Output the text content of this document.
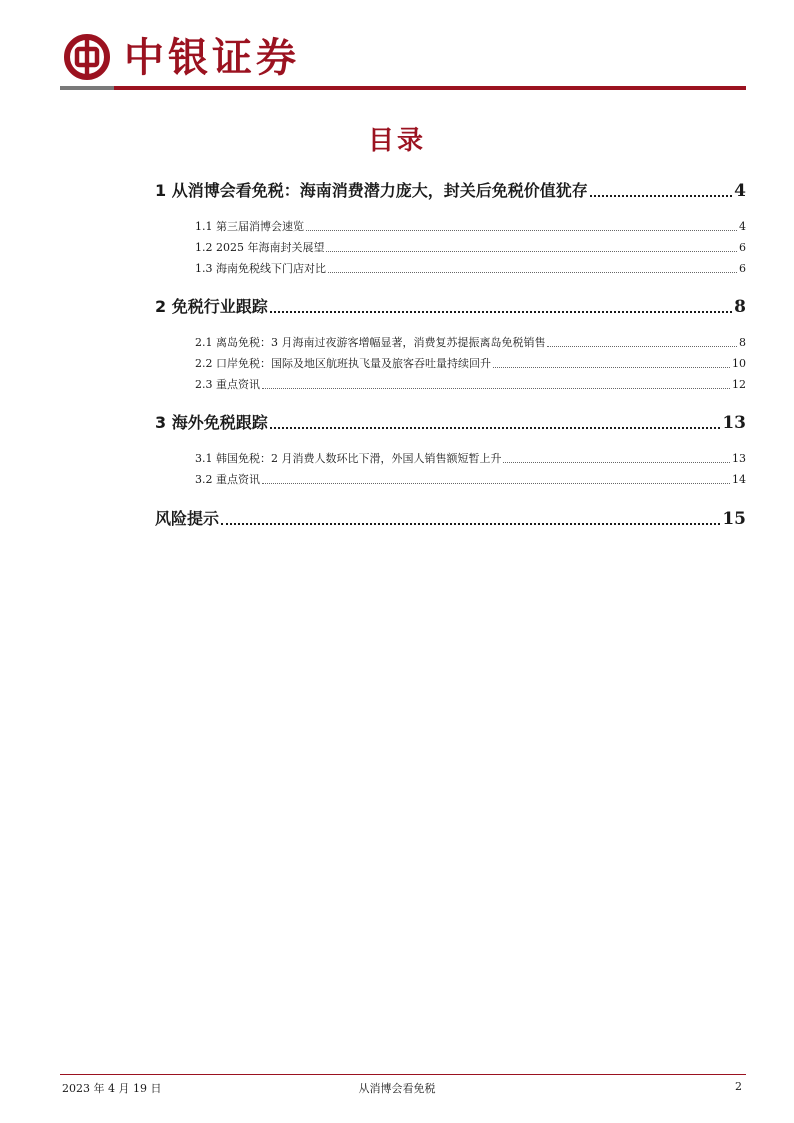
中银证券
目录
1 从消博会看免税：海南消费潜力庞大，封关后免税价值犹存	4
1.1 第三届消博会速览	4
1.2 2025 年海南封关展望	6
1.3 海南免税线下门店对比	6
2 免税行业跟踪	8
2.1 离岛免税：3 月海南过夜游客增幅显著，消费复苏提振离岛免税销售	8
2.2 口岸免税：国际及地区航班执飞量及旅客吞吐量持续回升	10
2.3 重点资讯	12
3 海外免税跟踪	13
3.1 韩国免税：2 月消费人数环比下滑，外国人销售额短暂上升	13
3.2 重点资讯	14
风险提示	15
2023 年 4 月 19 日	从消博会看免税	2
